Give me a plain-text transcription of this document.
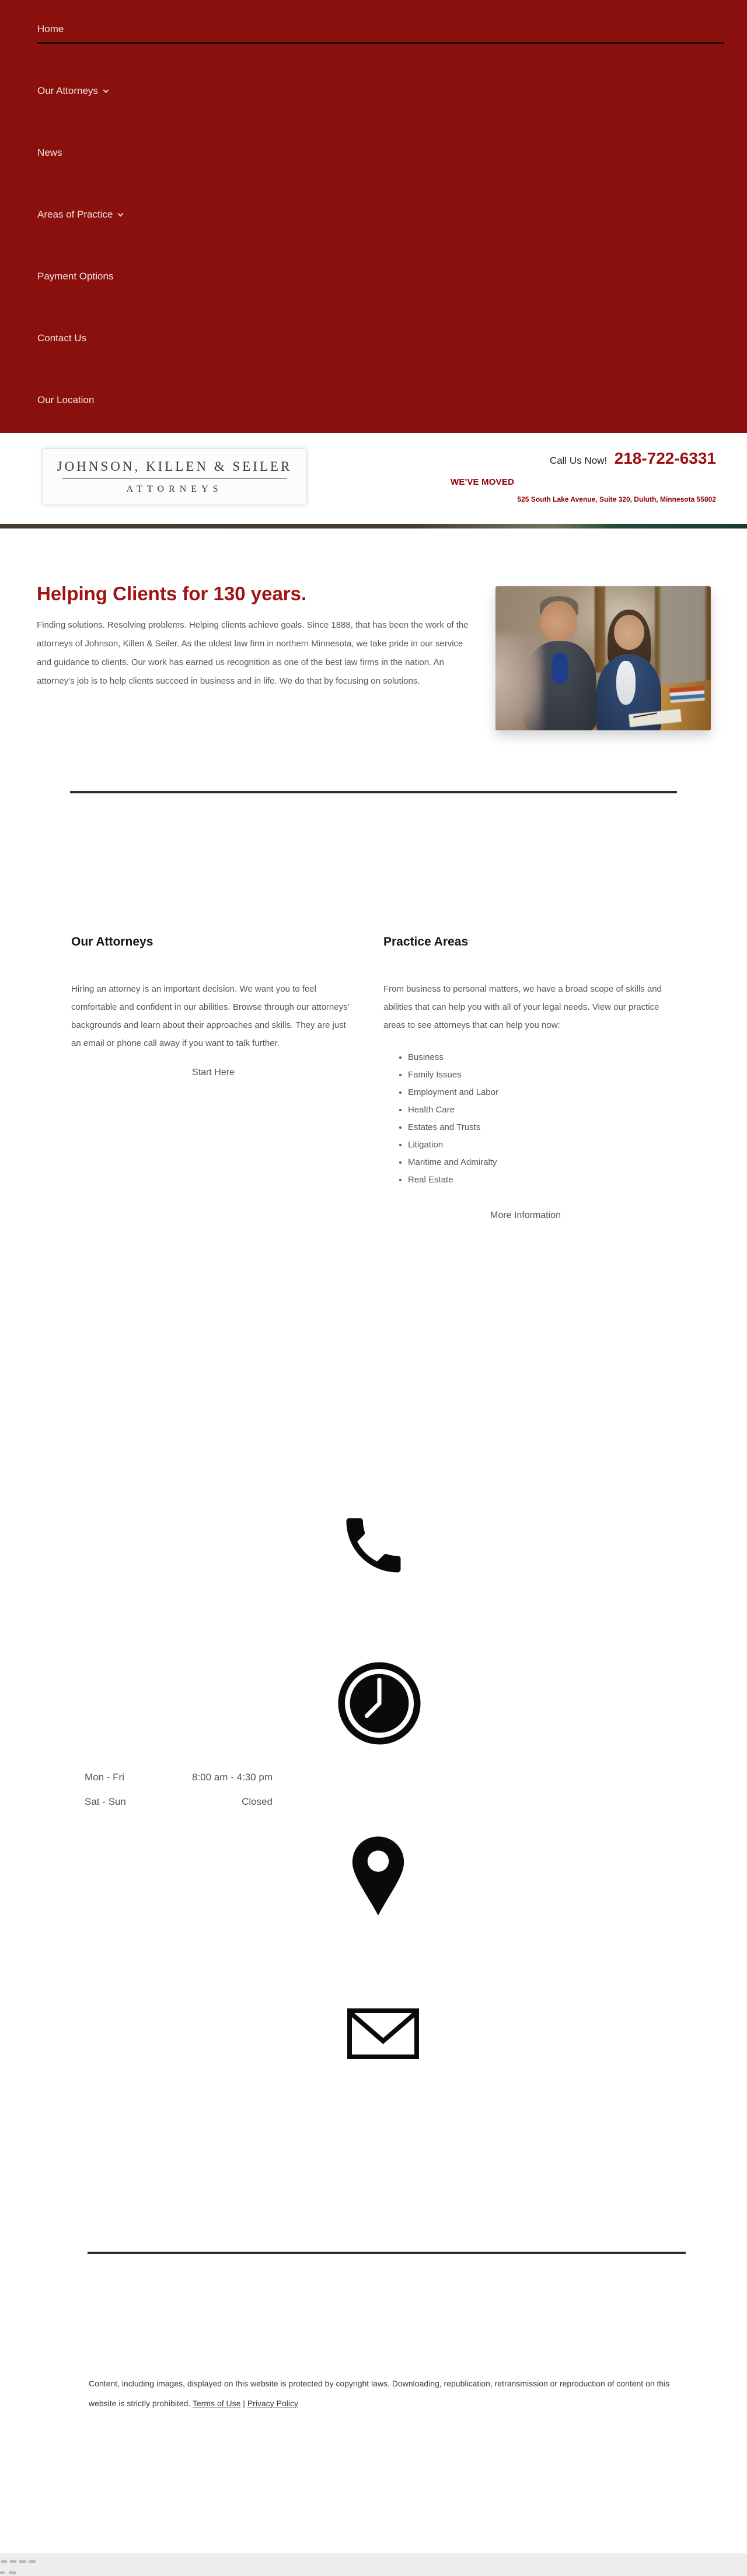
Home
Our Attorneys
News
Areas of Practice
Payment Options
Contact Us
Our Location
JOHNSON, KILLEN & SEILER
ATTORNEYS
Call Us Now! 218-722-6331
WE'VE MOVED
525 South Lake Avenue, Suite 320, Duluth, Minnesota 55802
Helping Clients for 130 years.

Finding solutions. Resolving problems. Helping clients achieve goals. Since 1888, that has been the work of the attorneys of Johnson, Killen & Seiler. As the oldest law firm in northern Minnesota, we take pride in our service and guidance to clients. Our work has earned us recognition as one of the best law firms in the nation. An attorney’s job is to help clients succeed in business and in life. We do that by focusing on solutions.

Our Attorneys

Hiring an attorney is an important decision. We want you to feel comfortable and confident in our abilities. Browse through our attorneys’ backgrounds and learn about their approaches and skills. They are just an email or phone call away if you want to talk further.

Start Here
Practice Areas

From business to personal matters, we have a broad scope of skills and abilities that can help you with all of your legal needs. View our practice areas to see attorneys that can help you now:

• Business
• Family Issues
• Employment and Labor
• Health Care
• Estates and Trusts
• Litigation
• Maritime and Admiralty
• Real Estate
More Information
Mon - Fri	8:00 am - 4:30 pm
Sat - Sun	Closed

Content, including images, displayed on this website is protected by copyright laws. Downloading, republication, retransmission or reproduction of content on this website is strictly prohibited. Terms of Use | Privacy Policy
